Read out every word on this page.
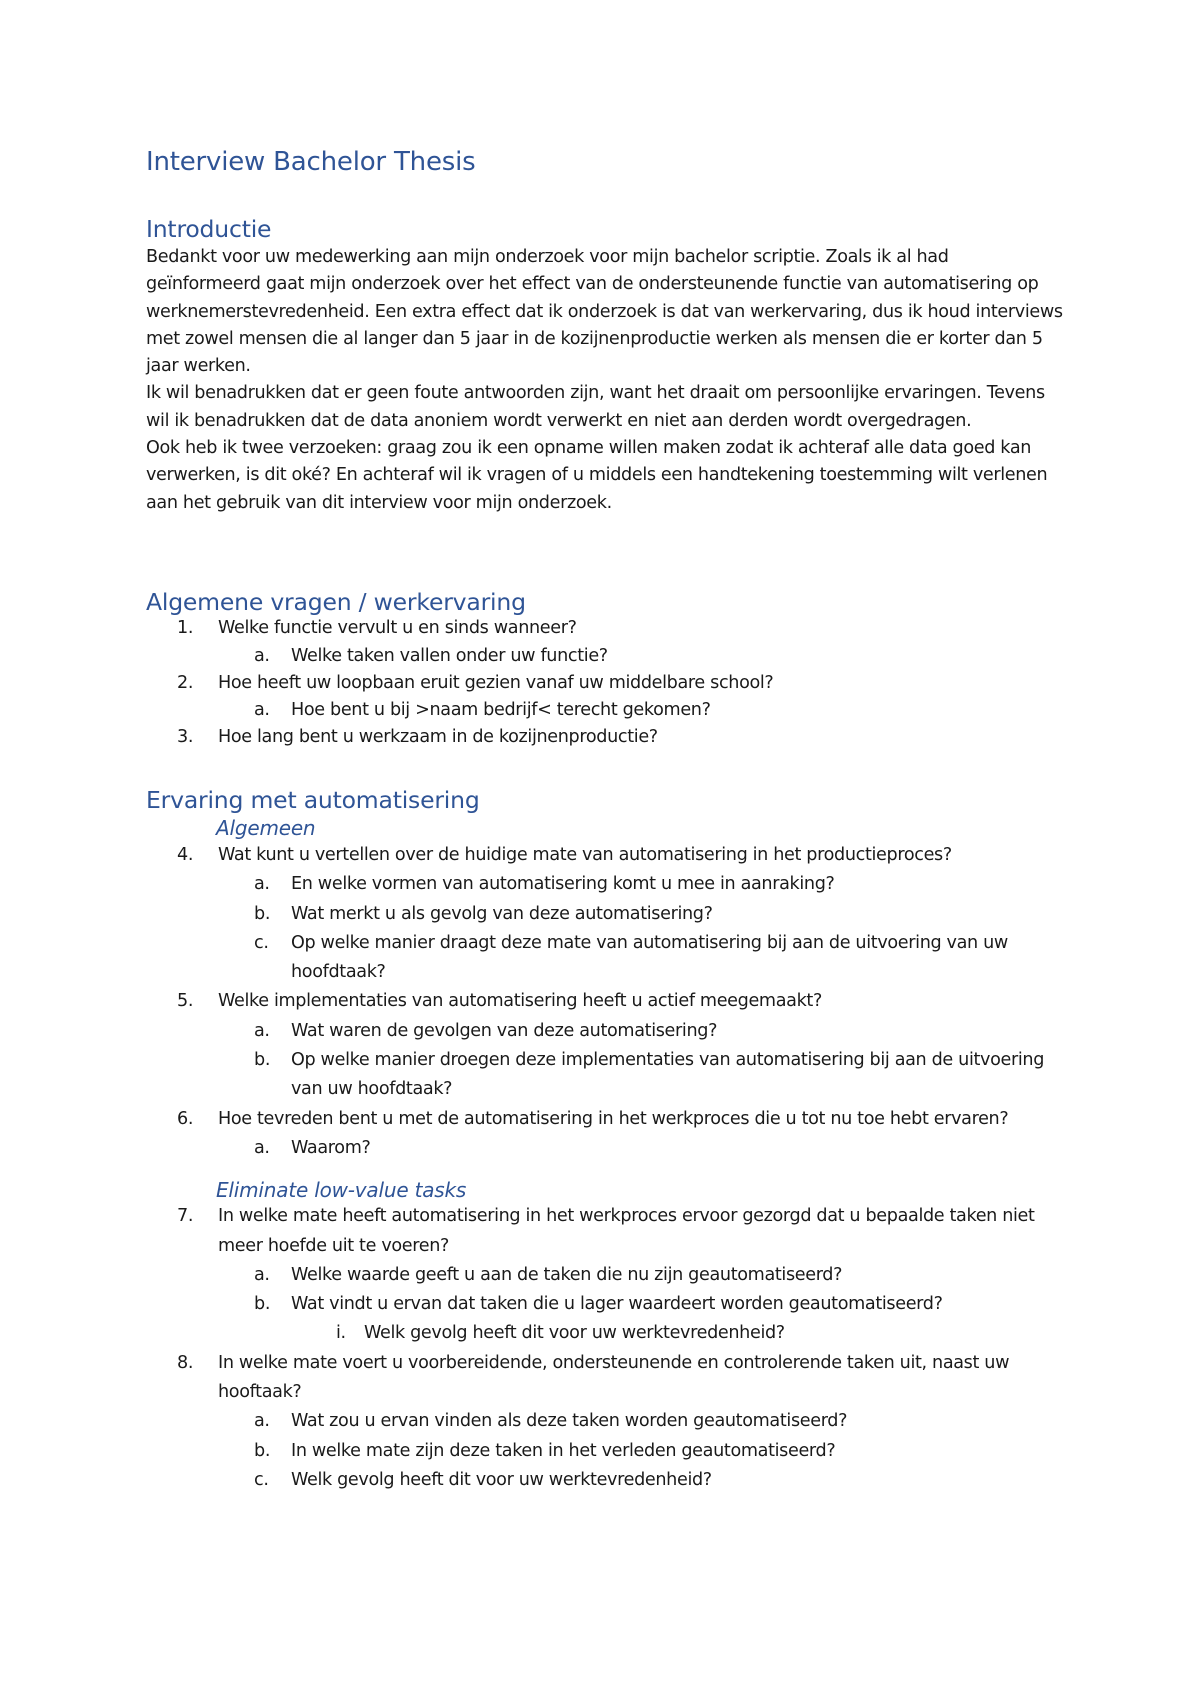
Interview Bachelor Thesis
Introductie

Bedankt voor uw medewerking aan mijn onderzoek voor mijn bachelor scriptie. Zoals ik al had geïnformeerd gaat mijn onderzoek over het effect van de ondersteunende functie van automatisering op werknemerstevredenheid. Een extra effect dat ik onderzoek is dat van werkervaring, dus ik houd interviews met zowel mensen die al langer dan 5 jaar in de kozijnenproductie werken als mensen die er korter dan 5 jaar werken.

Ik wil benadrukken dat er geen foute antwoorden zijn, want het draait om persoonlijke ervaringen. Tevens wil ik benadrukken dat de data anoniem wordt verwerkt en niet aan derden wordt overgedragen.

Ook heb ik twee verzoeken: graag zou ik een opname willen maken zodat ik achteraf alle data goed kan verwerken, is dit oké? En achteraf wil ik vragen of u middels een handtekening toestemming wilt verlenen aan het gebruik van dit interview voor mijn onderzoek.

Algemene vragen / werkervaring
1.	Welke functie vervult u en sinds wanneer?
a. Welke taken vallen onder uw functie?
2.	Hoe heeft uw loopbaan eruit gezien vanaf uw middelbare school?
a. Hoe bent u bij >naam bedrijf< terecht gekomen?
3.	Hoe lang bent u werkzaam in de kozijnenproductie?
Ervaring met automatisering
Algemeen
4.	Wat kunt u vertellen over de huidige mate van automatisering in het productieproces?
a. En welke vormen van automatisering komt u mee in aanraking?
b. Wat merkt u als gevolg van deze automatisering?
c. Op welke manier draagt deze mate van automatisering bij aan de uitvoering van uw hoofdtaak?
5.	Welke implementaties van automatisering heeft u actief meegemaakt?
a. Wat waren de gevolgen van deze automatisering?
b. Op welke manier droegen deze implementaties van automatisering bij aan de uitvoering van uw hoofdtaak?
6.	Hoe tevreden bent u met de automatisering in het werkproces die u tot nu toe hebt ervaren?
a. Waarom?
Eliminate low-value tasks
7.	In welke mate heeft automatisering in het werkproces ervoor gezorgd dat u bepaalde taken niet meer hoefde uit te voeren?
a. Welke waarde geeft u aan de taken die nu zijn geautomatiseerd?
b. Wat vindt u ervan dat taken die u lager waardeert worden geautomatiseerd?
i. Welk gevolg heeft dit voor uw werktevredenheid?
8.	In welke mate voert u voorbereidende, ondersteunende en controlerende taken uit, naast uw hooftaak?
a. Wat zou u ervan vinden als deze taken worden geautomatiseerd?
b. In welke mate zijn deze taken in het verleden geautomatiseerd?
c. Welk gevolg heeft dit voor uw werktevredenheid?
